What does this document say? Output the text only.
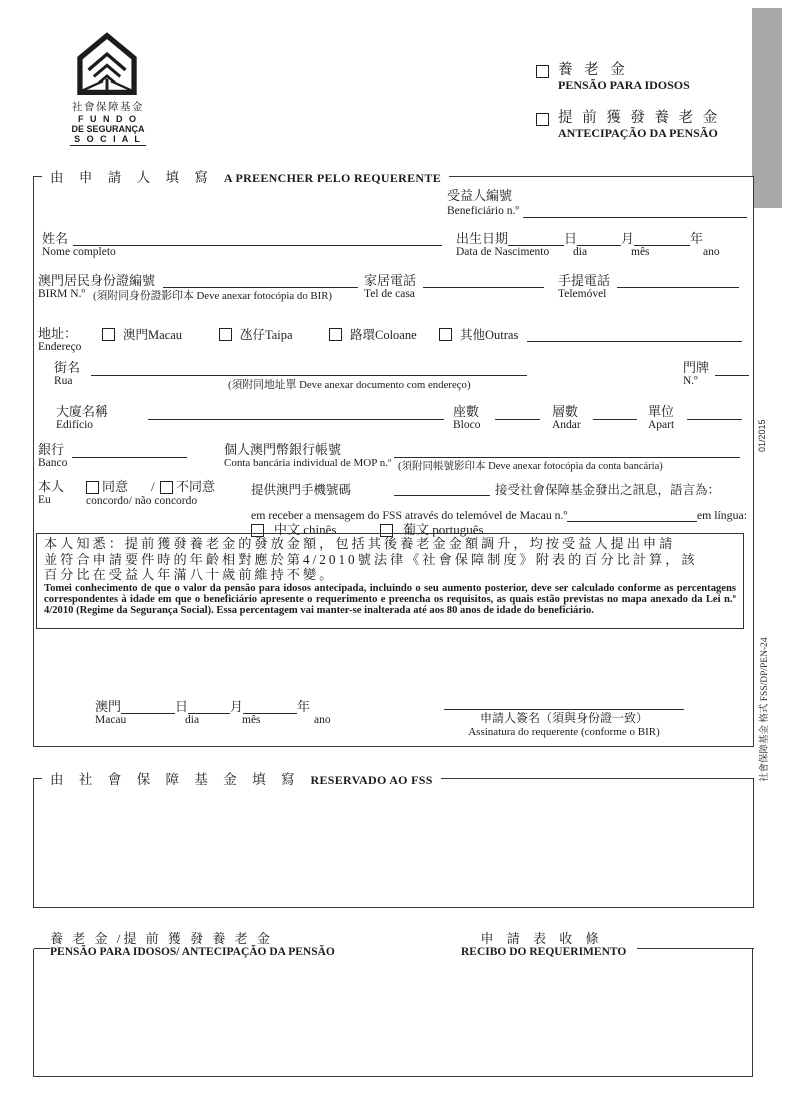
社會保障基金
F U N D O
DE SEGURANÇA
S O C I A L
養 老 金
PENSÃO PARA IDOSOS
提 前 獲 發 養 老 金
ANTECIPAÇÃO DA PENSÃO
01/2015
社會保障基金 格式 FSS/DP/PEN-24
由 申 請 人 填 寫 A PREENCHER PELO REQUERENTE
受益人編號
Beneficiário n.º
姓名
Nome completo
出生日期	日	月	年
Data de Nascimento dia	mês	ano
澳門居民身份證編號
BIRM N.º (須附同身份證影印本 Deve anexar fotocópia do BIR)
家居電話
Tel de casa
手提電話
Telemóvel
地址：
Endereço
澳門Macau	氹仔Taipa	路環Coloane	其他Outras
街名
Rua	(須附同地址單 Deve anexar documento com endereço)
門牌
N.º
大廈名稱
Edifício
座數
Bloco
層數
Andar
單位
Apart
銀行
Banco
個人澳門幣銀行帳號
Conta bancária individual de MOP n.º (須附同帳號影印本 Deve anexar fotocópia da conta bancária)
本人
Eu
同意 / 不同意
concordo/ não concordo
提供澳門手機號碼	接受社會保障基金發出之訊息，語言為：
em receber a mensagem do FSS através do telemóvel de Macau n.º	em língua:
中文 chinês	葡文 português
本人知悉：提前獲發養老金的發放金額，包括其後養老金金額調升，均按受益人提出申請
並符合申請要件時的年齡相對應於第4/2010號法律《社會保障制度》附表的百分比計算，該
百分比在受益人年滿八十歲前維持不變。
Tomei conhecimento de que o valor da pensão para idosos antecipada, incluindo o seu aumento posterior, deve ser calculado conforme as percentagens correspondentes à idade em que o beneficiário apresente o requerimento e preencha os requisitos, as quais estão previstas no mapa anexado da Lei n.º 4/2010 (Regime da Segurança Social). Essa percentagem vai manter-se inalterada até aos 80 anos de idade do beneficiário.
澳門	日	月	年
Macau	dia	mês	ano	申請人簽名（須與身份證一致）
Assinatura do requerente (conforme o BIR)
由 社 會 保 障 基 金 填 寫 RESERVADO AO FSS
養 老 金 /提 前 獲 發 養 老 金
PENSÃO PARA IDOSOS/ ANTECIPAÇÃO DA PENSÃO
申 請 表 收 條
RECIBO DO REQUERIMENTO
